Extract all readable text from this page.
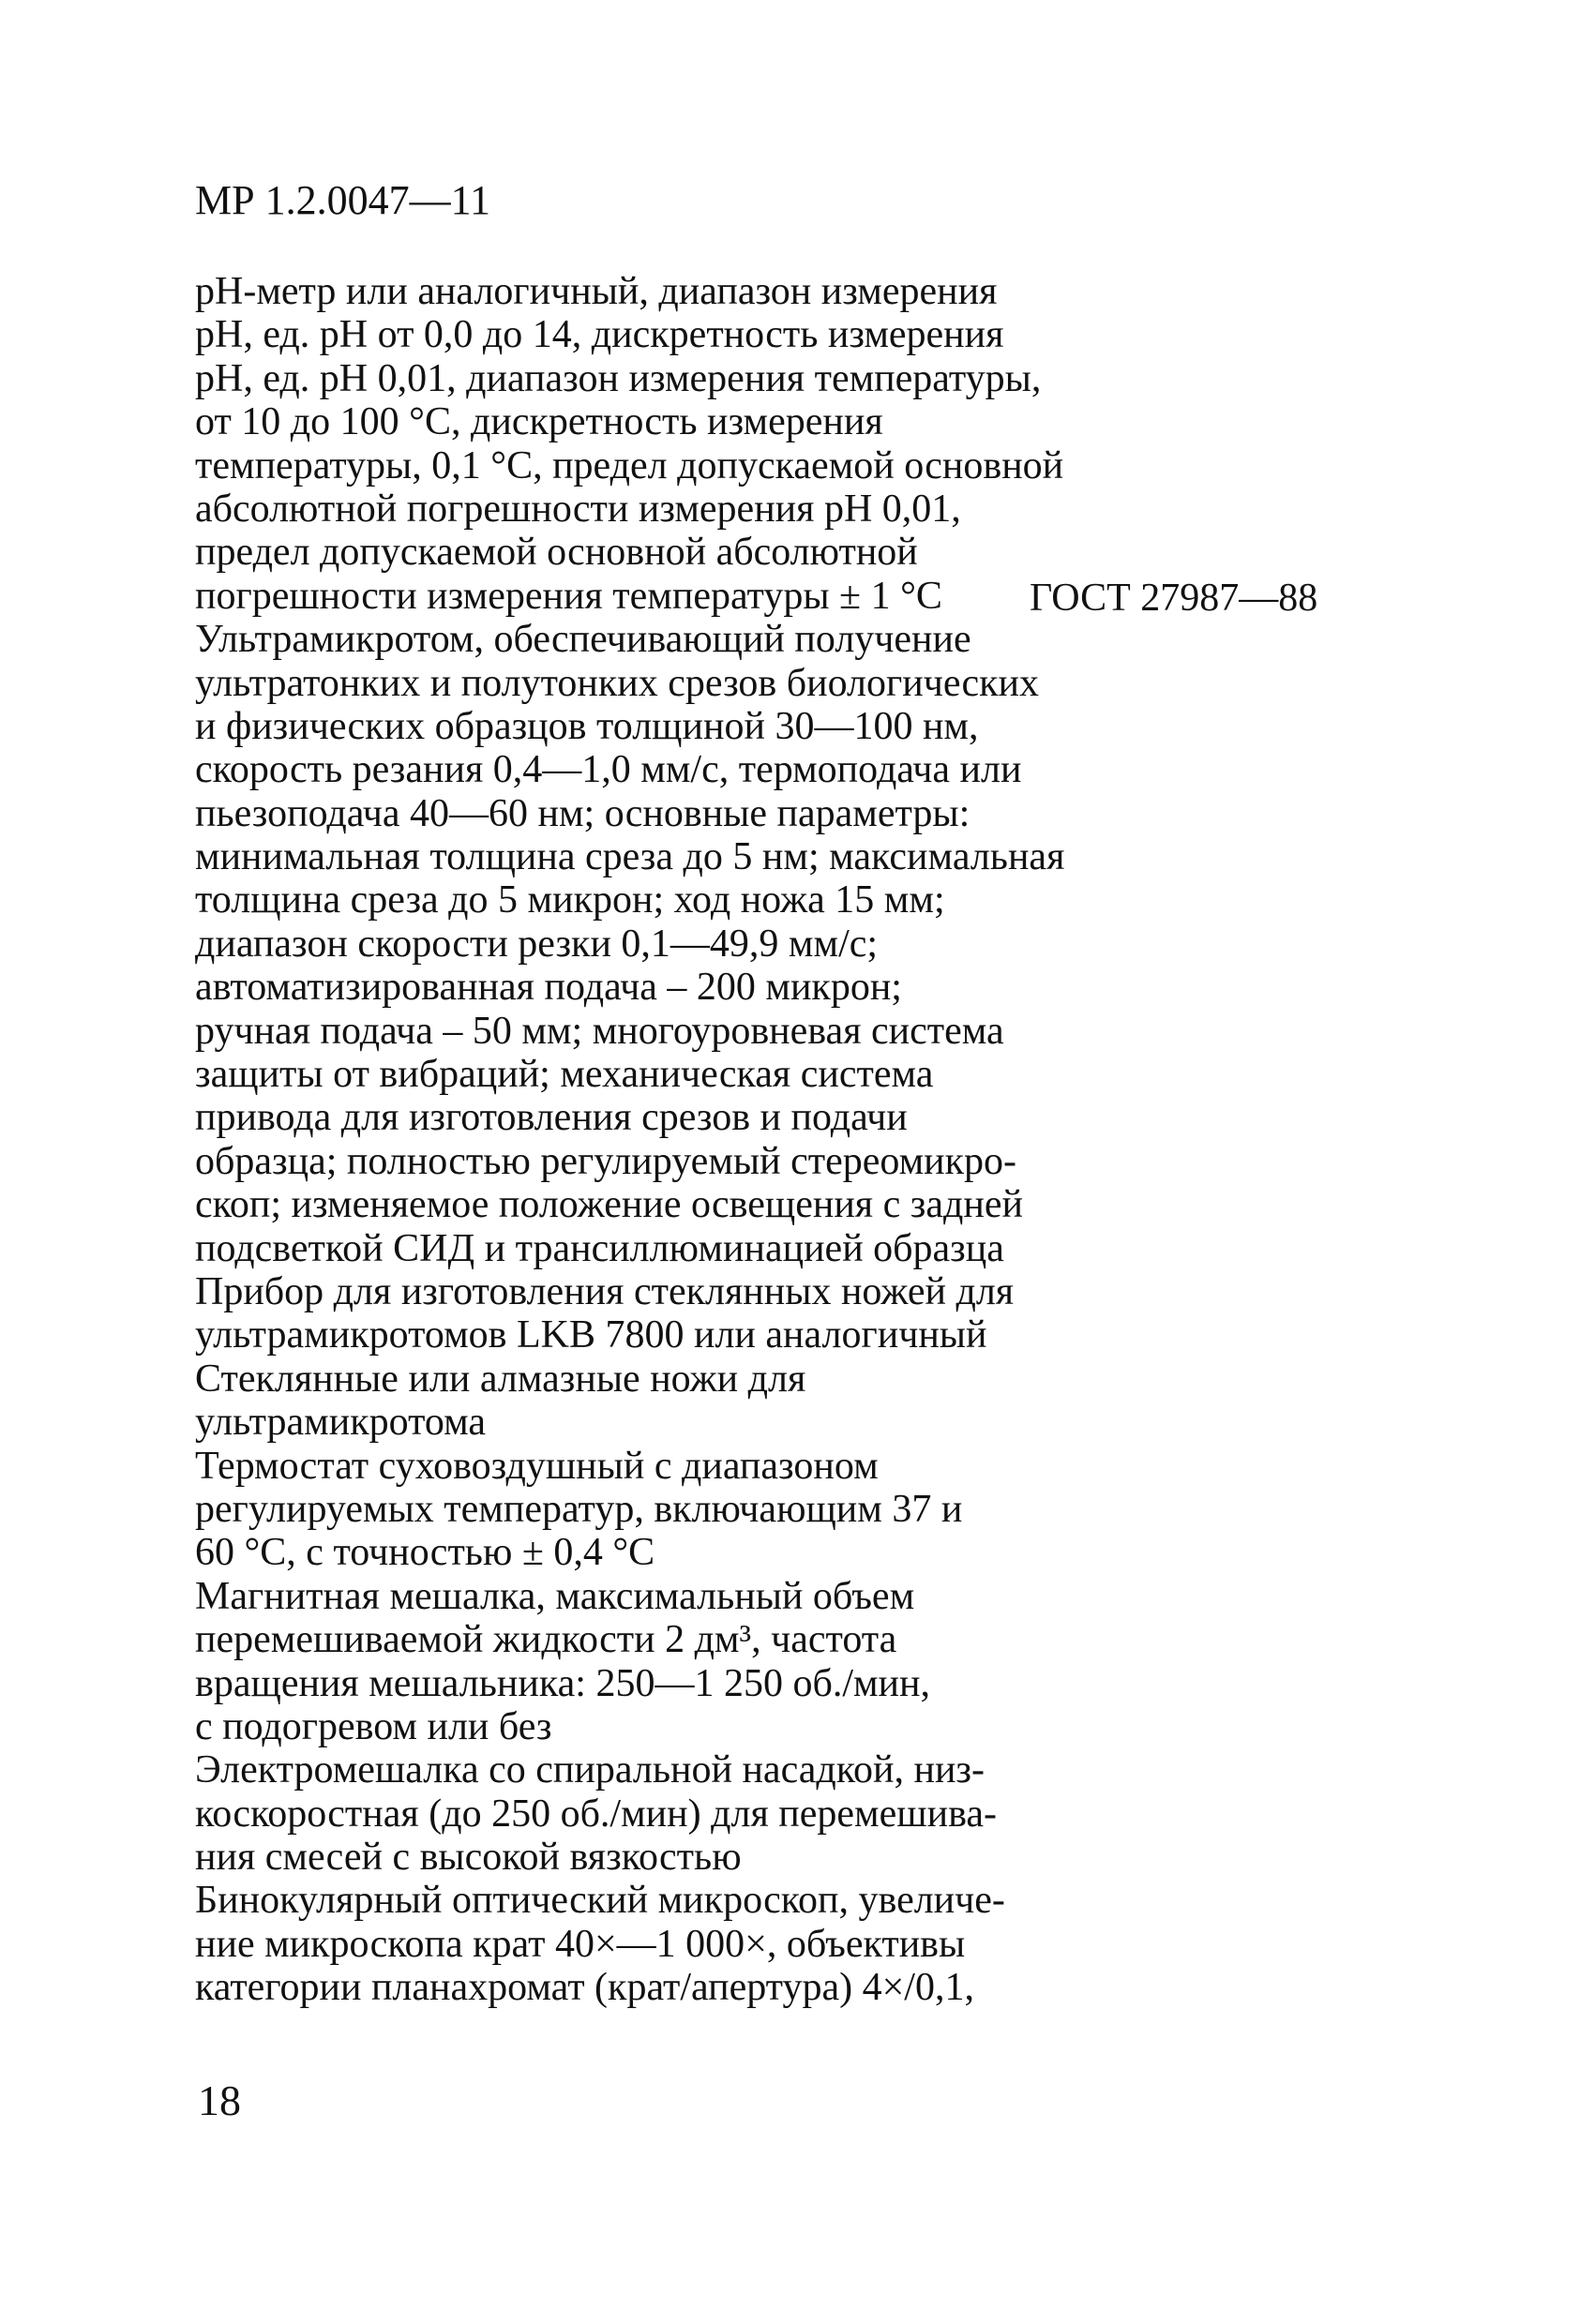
МР 1.2.0047—11
рН-метр или аналогичный, диапазон измерения
рН, ед. рН от 0,0 до 14, дискретность измерения
рН, ед. рН 0,01, диапазон измерения температуры,
от 10 до 100 °С, дискретность измерения
температуры, 0,1 °С, предел допускаемой основной
абсолютной погрешности измерения рН 0,01,
предел допускаемой основной абсолютной
погрешности измерения температуры ± 1 °С
Ультрамикротом, обеспечивающий получение
ультратонких и полутонких срезов биологических
и физических образцов толщиной 30—100 нм,
скорость резания 0,4—1,0 мм/с, термоподача или
пьезоподача 40—60 нм; основные параметры:
минимальная толщина среза до 5 нм; максимальная
толщина среза до 5 микрон; ход ножа 15 мм;
диапазон скорости резки 0,1—49,9 мм/с;
автоматизированная подача – 200 микрон;
ручная подача – 50 мм; многоуровневая система
защиты от вибраций; механическая система
привода для изготовления срезов и подачи
образца; полностью регулируемый стереомикро-
скоп; изменяемое положение освещения с задней
подсветкой СИД и трансиллюминацией образца
Прибор для изготовления стеклянных ножей для
ультрамикротомов LKB 7800 или аналогичный
Стеклянные или алмазные ножи для
ультрамикротома
Термостат суховоздушный с диапазоном
регулируемых температур, включающим 37 и
60 °С, с точностью ± 0,4 °С
Магнитная мешалка, максимальный объем
перемешиваемой жидкости 2 дм³, частота
вращения мешальника: 250—1 250 об./мин,
с подогревом или без
Электромешалка со спиральной насадкой, низ-
коскоростная (до 250 об./мин) для перемешива-
ния смесей с высокой вязкостью
Бинокулярный оптический микроскоп, увеличе-
ние микроскопа крат 40×—1 000×, объективы
категории планахромат (крат/апертура) 4×/0,1,
ГОСТ 27987—88
18
